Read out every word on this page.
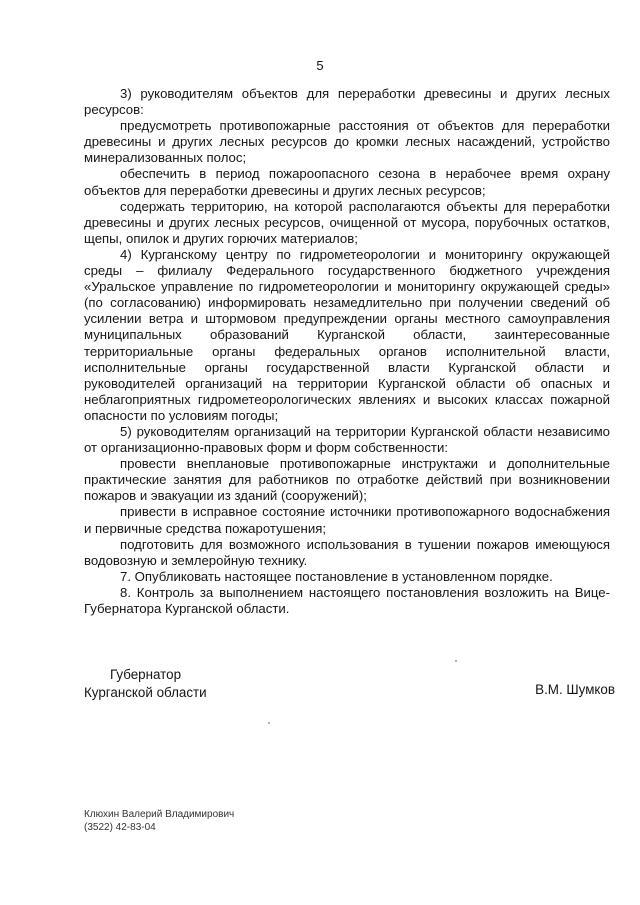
5

3) руководителям объектов для переработки древесины и других лесных ресурсов:

предусмотреть противопожарные расстояния от объектов для переработки древесины и других лесных ресурсов до кромки лесных насаждений, устройство минерализованных полос;

обеспечить в период пожароопасного сезона в нерабочее время охрану объектов для переработки древесины и других лесных ресурсов;

содержать территорию, на которой располагаются объекты для переработки древесины и других лесных ресурсов, очищенной от мусора, порубочных остатков, щепы, опилок и других горючих материалов;

4) Курганскому центру по гидрометеорологии и мониторингу окружающей среды – филиалу Федерального государственного бюджетного учреждения «Уральское управление по гидрометеорологии и мониторингу окружающей среды» (по согласованию) информировать незамедлительно при получении сведений об усилении ветра и штормовом предупреждении органы местного самоуправления муниципальных образований Курганской области, заинтересованные территориальные органы федеральных органов исполнительной власти, исполнительные органы государственной власти Курганской области и руководителей организаций на территории Курганской области об опасных и неблагоприятных гидрометеорологических явлениях и высоких классах пожарной опасности по условиям погоды;

5) руководителям организаций на территории Курганской области независимо от организационно-правовых форм и форм собственности:

провести внеплановые противопожарные инструктажи и дополнительные практические занятия для работников по отработке действий при возникновении пожаров и эвакуации из зданий (сооружений);

привести в исправное состояние источники противопожарного водоснабжения и первичные средства пожаротушения;

подготовить для возможного использования в тушении пожаров имеющуюся водовозную и землеройную технику.

7. Опубликовать настоящее постановление в установленном порядке.

8. Контроль за выполнением настоящего постановления возложить на Вице-Губернатора Курганской области.

Губернатор
Курганской области	В.М. Шумков
Клюхин Валерий Владимирович
(3522) 42-83-04
